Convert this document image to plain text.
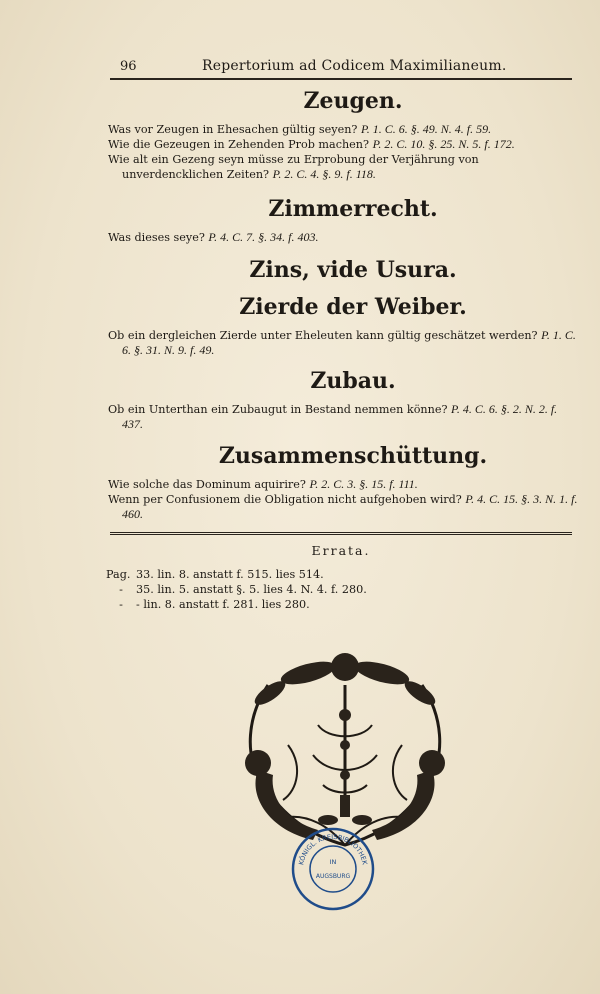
96	Repertorium ad Codicem Maximilianeum.

Zeugen.

Was vor Zeugen in Ehesachen gültig seyen? P. 1. C. 6. §. 49. N. 4. f. 59.

Wie die Gezeugen in Zehenden Prob machen? P. 2. C. 10. §. 25. N. 5. f. 172.

Wie alt ein Gezeng seyn müsse zu Erprobung der Verjährung von unverdencklichen Zeiten? P. 2. C. 4. §. 9. f. 118.

Zimmerrecht.

Was dieses seye? P. 4. C. 7. §. 34. f. 403.

Zins, vide Usura.

Zierde der Weiber.

Ob ein dergleichen Zierde unter Eheleuten kann gültig geschätzet werden? P. 1. C. 6. §. 31. N. 9. f. 49.

Zubau.

Ob ein Unterthan ein Zubaugut in Bestand nemmen könne? P. 4. C. 6. §. 2. N. 2. f. 437.

Zusammenschüttung.

Wie solche das Dominum aquirire? P. 2. C. 3. §. 15. f. 111.

Wenn per Confusionem die Obligation nicht aufgehoben wird? P. 4. C. 15. §. 3. N. 1. f. 460.

Errata.
Pag. 33. lin. 8. anstatt f. 515. lies 514.
- 35. lin. 5. anstatt §. 5. lies 4. N. 4. f. 280.
- - lin. 8. anstatt f. 281. lies 280.
KÖNIGL. KREISBIBLIOTHEK
IN
AUGSBURG
